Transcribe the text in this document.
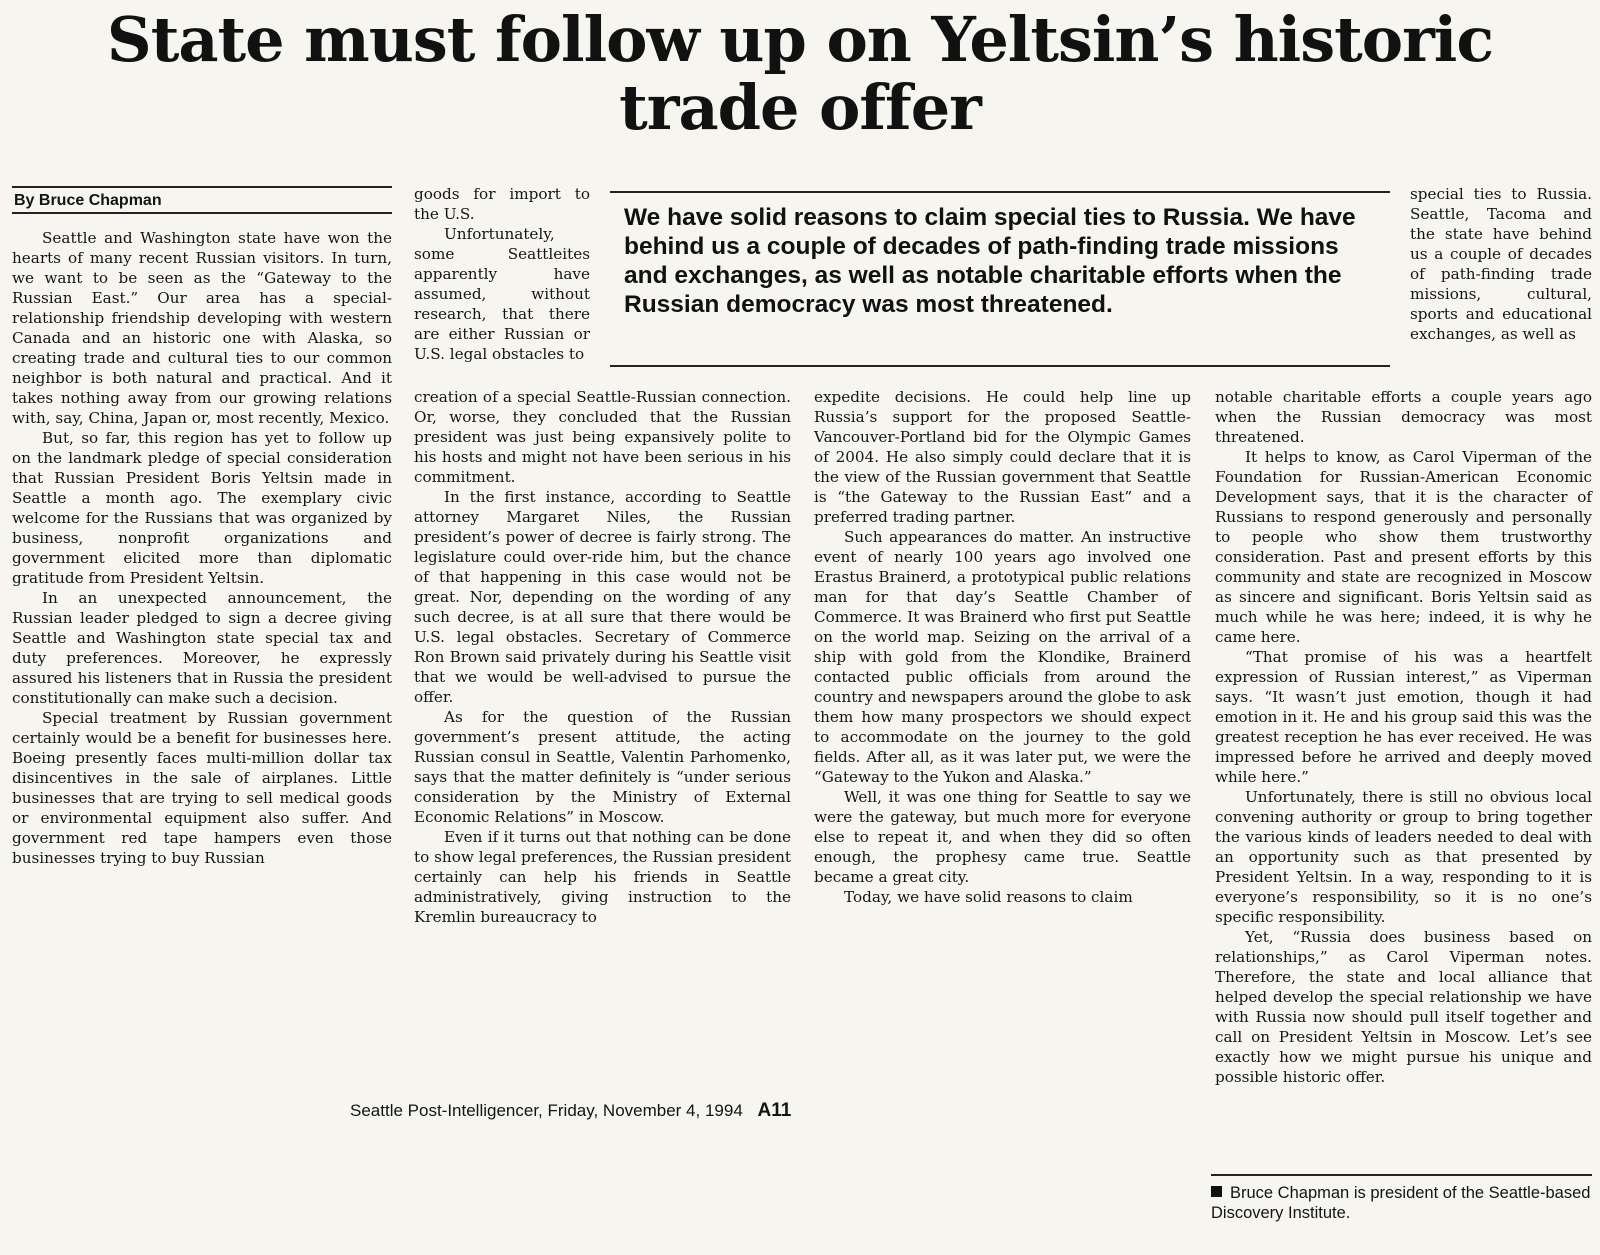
State must follow up on Yeltsin’s historic
trade offer
By Bruce Chapman

Seattle and Washington state have won the hearts of many recent Russian visitors. In turn, we want to be seen as the “Gateway to the Russian East.” Our area has a special-relationship friendship developing with western Canada and an historic one with Alaska, so creating trade and cultural ties to our common neighbor is both natural and practical. And it takes nothing away from our growing relations with, say, China, Japan or, most recently, Mexico.

But, so far, this region has yet to follow up on the landmark pledge of special consideration that Russian President Boris Yeltsin made in Seattle a month ago. The exemplary civic welcome for the Russians that was organized by business, nonprofit organizations and government elicited more than diplomatic gratitude from President Yeltsin.

In an unexpected announcement, the Russian leader pledged to sign a decree giving Seattle and Washington state special tax and duty preferences. Moreover, he expressly assured his listeners that in Russia the president constitutionally can make such a decision.

Special treatment by Russian government certainly would be a benefit for businesses here. Boeing presently faces multi-million dollar tax disincentives in the sale of airplanes. Little businesses that are trying to sell medical goods or environmental equipment also suffer. And government red tape hampers even those businesses trying to buy Russian

goods for import to the U.S.

Unfortunately, some Seattleites apparently have assumed, without research, that there are either Russian or U.S. legal obstacles to

We have solid reasons to claim special ties to Russia. We have behind us a couple of decades of path-finding trade missions and exchanges, as well as notable charitable efforts when the Russian democracy was most threatened.

creation of a special Seattle-Russian connection. Or, worse, they concluded that the Russian president was just being expansively polite to his hosts and might not have been serious in his commitment.

In the first instance, according to Seattle attorney Margaret Niles, the Russian president’s power of decree is fairly strong. The legislature could over-ride him, but the chance of that happening in this case would not be great. Nor, depending on the wording of any such decree, is at all sure that there would be U.S. legal obstacles. Secretary of Commerce Ron Brown said privately during his Seattle visit that we would be well-advised to pursue the offer.

As for the question of the Russian government’s present attitude, the acting Russian consul in Seattle, Valentin Parhomenko, says that the matter definitely is “under serious consideration by the Ministry of External Economic Relations” in Moscow.

Even if it turns out that nothing can be done to show legal preferences, the Russian president certainly can help his friends in Seattle administratively, giving instruction to the Kremlin bureaucracy to

expedite decisions. He could help line up Russia’s support for the proposed Seattle-Vancouver-Portland bid for the Olympic Games of 2004. He also simply could declare that it is the view of the Russian government that Seattle is “the Gateway to the Russian East” and a preferred trading partner.

Such appearances do matter. An instructive event of nearly 100 years ago involved one Erastus Brainerd, a prototypical public relations man for that day’s Seattle Chamber of Commerce. It was Brainerd who first put Seattle on the world map. Seizing on the arrival of a ship with gold from the Klondike, Brainerd contacted public officials from around the country and newspapers around the globe to ask them how many prospectors we should expect to accommodate on the journey to the gold fields. After all, as it was later put, we were the “Gateway to the Yukon and Alaska.”

Well, it was one thing for Seattle to say we were the gateway, but much more for everyone else to repeat it, and when they did so often enough, the prophesy came true. Seattle became a great city.

Today, we have solid reasons to claim

special ties to Russia. Seattle, Tacoma and the state have behind us a couple of decades of path-finding trade missions, cultural, sports and educational exchanges, as well as

notable charitable efforts a couple years ago when the Russian democracy was most threatened.

It helps to know, as Carol Viperman of the Foundation for Russian-American Economic Development says, that it is the character of Russians to respond generously and personally to people who show them trustworthy consideration. Past and present efforts by this community and state are recognized in Moscow as sincere and significant. Boris Yeltsin said as much while he was here; indeed, it is why he came here.

“That promise of his was a heartfelt expression of Russian interest,” as Viperman says. “It wasn’t just emotion, though it had emotion in it. He and his group said this was the greatest reception he has ever received. He was impressed before he arrived and deeply moved while here.”

Unfortunately, there is still no obvious local convening authority or group to bring together the various kinds of leaders needed to deal with an opportunity such as that presented by President Yeltsin. In a way, responding to it is everyone’s responsibility, so it is no one’s specific responsibility.

Yet, “Russia does business based on relationships,” as Carol Viperman notes. Therefore, the state and local alliance that helped develop the special relationship we have with Russia now should pull itself together and call on President Yeltsin in Moscow. Let’s see exactly how we might pursue his unique and possible historic offer.

Seattle Post-Intelligencer, Friday, November 4, 1994 A11
Bruce Chapman is president of the Seattle-based Discovery Institute.
